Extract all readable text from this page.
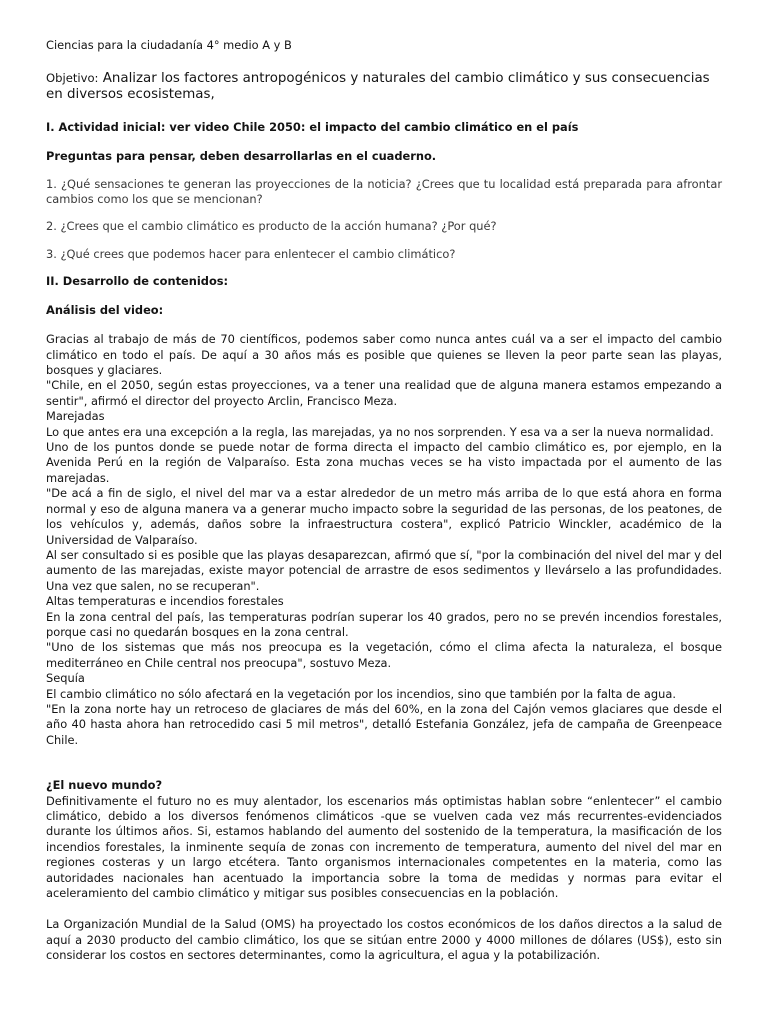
Ciencias para la ciudadanía 4° medio A y B

Objetivo: Analizar los factores antropogénicos y naturales del cambio climático y sus consecuencias en diversos ecosistemas,

I. Actividad inicial: ver video Chile 2050: el impacto del cambio climático en el país

Preguntas para pensar, deben desarrollarlas en el cuaderno.

1. ¿Qué sensaciones te generan las proyecciones de la noticia? ¿Crees que tu localidad está preparada para afrontar cambios como los que se mencionan?

2. ¿Crees que el cambio climático es producto de la acción humana? ¿Por qué?

3. ¿Qué crees que podemos hacer para enlentecer el cambio climático?

II. Desarrollo de contenidos:

Análisis del video:

Gracias al trabajo de más de 70 científicos, podemos saber como nunca antes cuál va a ser el impacto del cambio climático en todo el país. De aquí a 30 años más es posible que quienes se lleven la peor parte sean las playas, bosques y glaciares.

"Chile, en el 2050, según estas proyecciones, va a tener una realidad que de alguna manera estamos empezando a sentir", afirmó el director del proyecto Arclin, Francisco Meza.

Marejadas

Lo que antes era una excepción a la regla, las marejadas, ya no nos sorprenden. Y esa va a ser la nueva normalidad.

Uno de los puntos donde se puede notar de forma directa el impacto del cambio climático es, por ejemplo, en la Avenida Perú en la región de Valparaíso. Esta zona muchas veces se ha visto impactada por el aumento de las marejadas.

"De acá a fin de siglo, el nivel del mar va a estar alrededor de un metro más arriba de lo que está ahora en forma normal y eso de alguna manera va a generar mucho impacto sobre la seguridad de las personas, de los peatones, de los vehículos y, además, daños sobre la infraestructura costera", explicó Patricio Winckler, académico de la Universidad de Valparaíso.

Al ser consultado si es posible que las playas desaparezcan, afirmó que sí, "por la combinación del nivel del mar y del aumento de las marejadas, existe mayor potencial de arrastre de esos sedimentos y llevárselo a las profundidades. Una vez que salen, no se recuperan".

Altas temperaturas e incendios forestales

En la zona central del país, las temperaturas podrían superar los 40 grados, pero no se prevén incendios forestales, porque casi no quedarán bosques en la zona central.

"Uno de los sistemas que más nos preocupa es la vegetación, cómo el clima afecta la naturaleza, el bosque mediterráneo en Chile central nos preocupa", sostuvo Meza.

Sequía

El cambio climático no sólo afectará en la vegetación por los incendios, sino que también por la falta de agua.

"En la zona norte hay un retroceso de glaciares de más del 60%, en la zona del Cajón vemos glaciares que desde el año 40 hasta ahora han retrocedido casi 5 mil metros", detalló Estefania González, jefa de campaña de Greenpeace Chile.

¿El nuevo mundo?

Definitivamente el futuro no es muy alentador, los escenarios más optimistas hablan sobre “enlentecer” el cambio climático, debido a los diversos fenómenos climáticos -que se vuelven cada vez más recurrentes-evidenciados durante los últimos años. Si, estamos hablando del aumento del sostenido de la temperatura, la masificación de los incendios forestales, la inminente sequía de zonas con incremento de temperatura, aumento del nivel del mar en regiones costeras y un largo etcétera. Tanto organismos internacionales competentes en la materia, como las autoridades nacionales han acentuado la importancia sobre la toma de medidas y normas para evitar el aceleramiento del cambio climático y mitigar sus posibles consecuencias en la población.

La Organización Mundial de la Salud (OMS) ha proyectado los costos económicos de los daños directos a la salud de aquí a 2030 producto del cambio climático, los que se sitúan entre 2000 y 4000 millones de dólares (US$), esto sin considerar los costos en sectores determinantes, como la agricultura, el agua y la potabilización.
